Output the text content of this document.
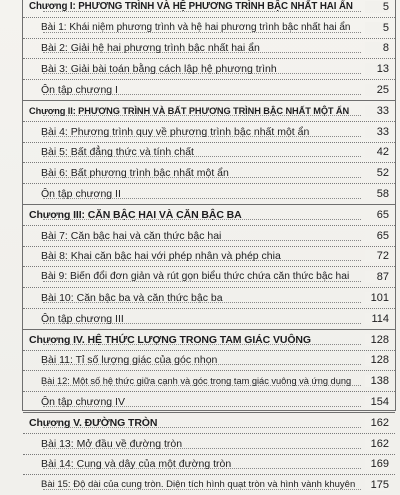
Chương I: PHƯƠNG TRÌNH VÀ HỆ PHƯƠNG TRÌNH BẬC NHẤT HAI ẨN	5
Bài 1: Khái niệm phương trình và hệ hai phương trình bậc nhất hai ẩn	5
Bài 2: Giải hệ hai phương trình bậc nhất hai ẩn	8
Bài 3: Giải bài toán bằng cách lập hệ phương trình	13
Ôn tập chương I	25
Chương II: PHƯƠNG TRÌNH VÀ BẤT PHƯƠNG TRÌNH BẬC NHẤT MỘT ẨN	33
Bài 4: Phương trình quy về phương trình bậc nhất một ẩn	33
Bài 5: Bất đẳng thức và tính chất	42
Bài 6: Bất phương trình bậc nhất một ẩn	52
Ôn tập chương II	58
Chương III: CĂN BẬC HAI VÀ CĂN BẬC BA	65
Bài 7: Căn bậc hai và căn thức bậc hai	65
Bài 8: Khai căn bậc hai với phép nhân và phép chia	72
Bài 9: Biến đổi đơn giản và rút gọn biểu thức chứa căn thức bậc hai	87
Bài 10: Căn bậc ba và căn thức bậc ba	101
Ôn tập chương III	114
Chương IV. HỆ THỨC LƯỢNG TRONG TAM GIÁC VUÔNG	128
Bài 11: Tỉ số lượng giác của góc nhọn	128
Bài 12: Một số hệ thức giữa cạnh và góc trong tam giác vuông và ứng dụng	138
Ôn tập chương IV	154
Chương V. ĐƯỜNG TRÒN	162
Bài 13: Mở đầu về đường tròn	162
Bài 14: Cung và dây của một đường tròn	169
Bài 15: Độ dài của cung tròn. Diện tích hình quạt tròn và hình vành khuyên	175
